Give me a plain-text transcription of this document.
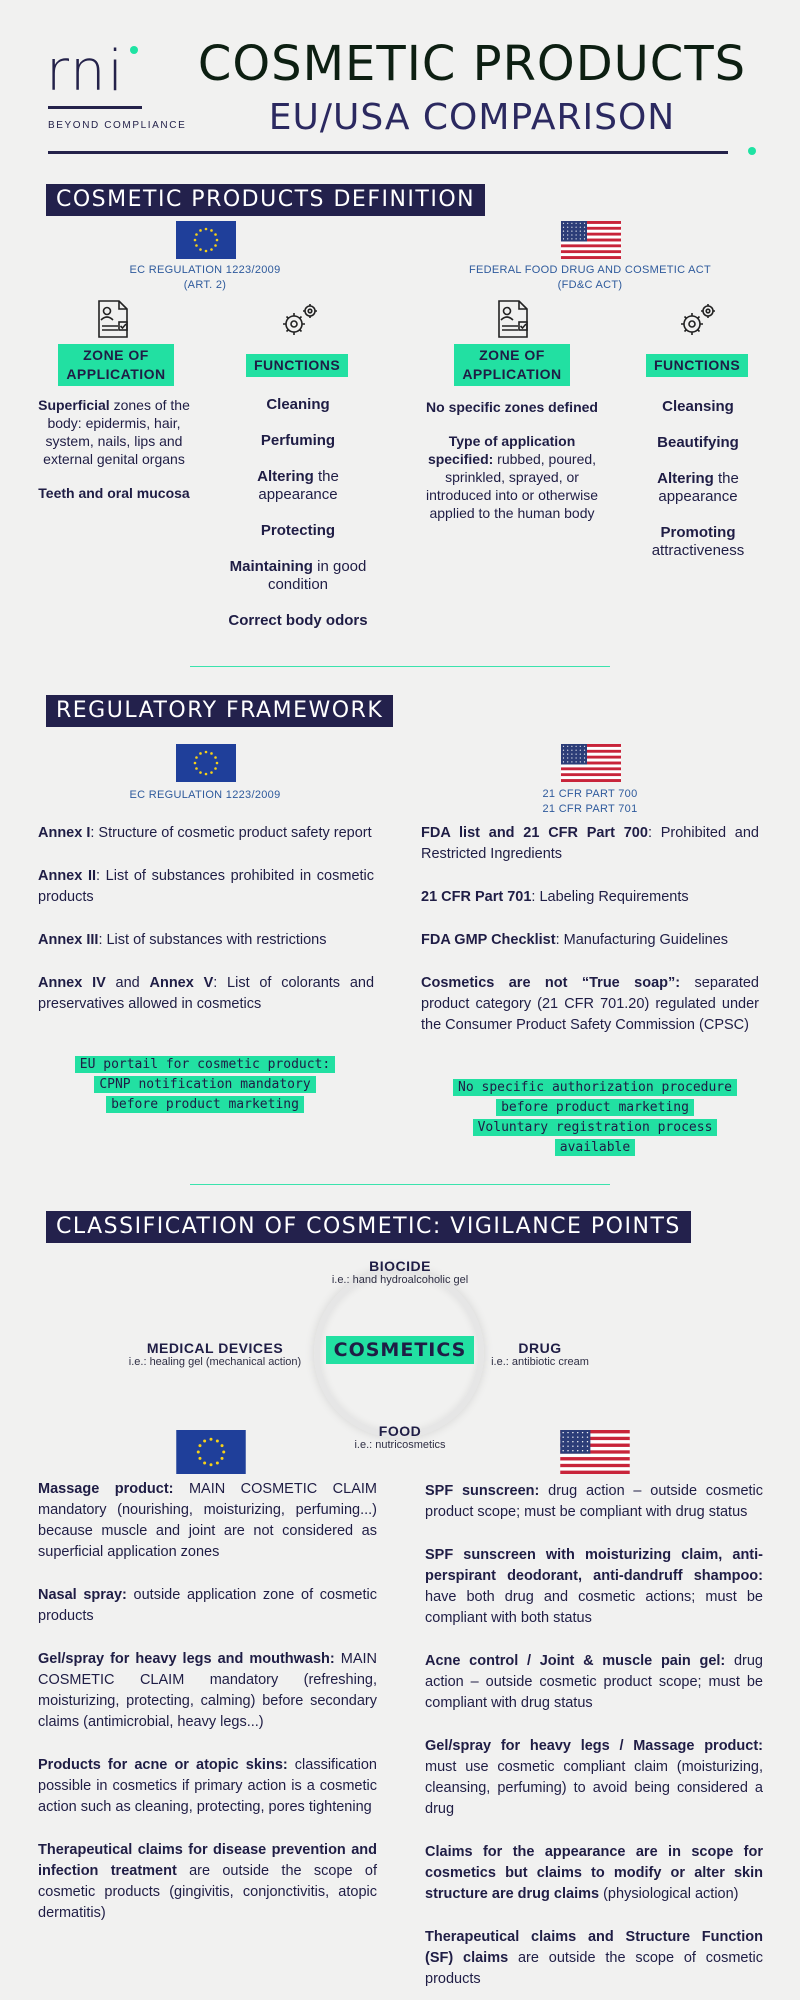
rni
BEYOND COMPLIANCE
COSMETIC PRODUCTS
EU/USA COMPARISON
COSMETIC PRODUCTS DEFINITION
EC REGULATION 1223/2009
(ART. 2)
FEDERAL FOOD DRUG AND COSMETIC ACT
(FD&C ACT)
ZONE OF
APPLICATION
FUNCTIONS
Superficial zones of the body: epidermis, hair, system, nails, lips and external genital organs
Teeth and oral mucosa
Cleaning
Perfuming
Altering the appearance
Protecting
Maintaining in good condition
Correct body odors
ZONE OF
APPLICATION
FUNCTIONS
No specific zones defined
Type of application specified: rubbed, poured, sprinkled, sprayed, or introduced into or otherwise applied to the human body
Cleansing
Beautifying
Altering the appearance
Promoting attractiveness
REGULATORY FRAMEWORK
EC REGULATION 1223/2009	21 CFR PART 700
21 CFR PART 701
Annex I: Structure of cosmetic product safety report
Annex II: List of substances prohibited in cosmetic products
Annex III: List of substances with restrictions
Annex IV and Annex V: List of colorants and preservatives allowed in cosmetics
EU portail for cosmetic product:
CPNP notification mandatory
before product marketing
FDA list and 21 CFR Part 700: Prohibited and Restricted Ingredients
21 CFR Part 701: Labeling Requirements
FDA GMP Checklist: Manufacturing Guidelines
Cosmetics are not “True soap”: separated product category (21 CFR 701.20) regulated under the Consumer Product Safety Commission (CPSC)
No specific authorization procedure
before product marketing
Voluntary registration process
available
CLASSIFICATION OF COSMETIC: VIGILANCE POINTS
BIOCIDE
i.e.: hand hydroalcoholic gel
MEDICAL DEVICES
i.e.: healing gel (mechanical action)
COSMETICS	DRUG
i.e.: antibiotic cream
FOOD
i.e.: nutricosmetics
Massage product: MAIN COSMETIC CLAIM mandatory (nourishing, moisturizing, perfuming...) because muscle and joint are not considered as superficial application zones
Nasal spray: outside application zone of cosmetic products
Gel/spray for heavy legs and mouthwash: MAIN COSMETIC CLAIM mandatory (refreshing, moisturizing, protecting, calming) before secondary claims (antimicrobial, heavy legs...)
Products for acne or atopic skins: classification possible in cosmetics if primary action is a cosmetic action such as cleaning, protecting, pores tightening
Therapeutical claims for disease prevention and infection treatment are outside the scope of cosmetic products (gingivitis, conjonctivitis, atopic dermatitis)
SPF sunscreen: drug action – outside cosmetic product scope; must be compliant with drug status
SPF sunscreen with moisturizing claim, anti-perspirant deodorant, anti-dandruff shampoo: have both drug and cosmetic actions; must be compliant with both status
Acne control / Joint & muscle pain gel: drug action – outside cosmetic product scope; must be compliant with drug status
Gel/spray for heavy legs / Massage product: must use cosmetic compliant claim (moisturizing, cleansing, perfuming) to avoid being considered a drug
Claims for the appearance are in scope for cosmetics but claims to modify or alter skin structure are drug claims (physiological action)
Therapeutical claims and Structure Function (SF) claims are outside the scope of cosmetic products
